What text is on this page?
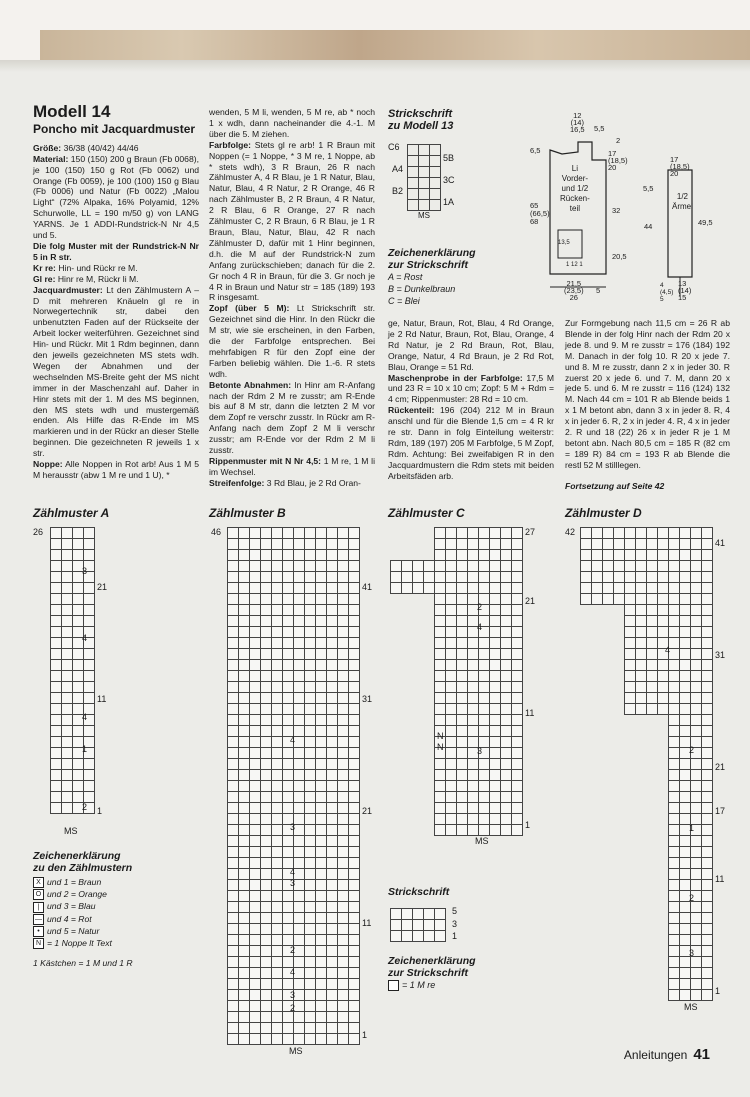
Modell 14
Poncho mit Jacquardmuster

Größe: 36/38 (40/42) 44/46

Material: 150 (150) 200 g Braun (Fb 0068), je 100 (150) 150 g Rot (Fb 0062) und Orange (Fb 0059), je 100 (100) 150 g Blau (Fb 0006) und Natur (Fb 0022) „Malou Light“ (72% Alpaka, 16% Polyamid, 12% Schurwolle, LL = 190 m/50 g) von LANG YARNS. Je 1 ADDI-Rundstrick-N Nr 4,5 und 5.

Die folg Muster mit der Rundstrick-N Nr 5 in R str.

Kr re: Hin- und Rückr re M.

Gl re: Hinr re M, Rückr li M.

Jacquardmuster: Lt den Zählmustern A – D mit mehreren Knäueln gl re in Norwegertechnik str, dabei den unbenutzten Faden auf der Rückseite der Arbeit locker weiterführen. Gezeichnet sind Hin- und Rückr. Mit 1 Rdm beginnen, dann den jeweils gezeichneten MS stets wdh. Wegen der Abnahmen und der wechselnden MS-Breite geht der MS nicht immer in der Maschenzahl auf. Daher in Hinr stets mit der 1. M des MS beginnen, den MS stets wdh und mustergemäß enden. Als Hilfe das R-Ende im MS markieren und in der Rückr an dieser Stelle beginnen. Die gezeichneten R jeweils 1 x str.

Noppe: Alle Noppen in Rot arb! Aus 1 M 5 M herausstr (abw 1 M re und 1 U), *

wenden, 5 M li, wenden, 5 M re, ab * noch 1 x wdh, dann nacheinander die 4.-1. M über die 5. M ziehen.

Farbfolge: Stets gl re arb! 1 R Braun mit Noppen (= 1 Noppe, * 3 M re, 1 Noppe, ab * stets wdh), 3 R Braun, 26 R nach Zählmuster A, 4 R Blau, je 1 R Natur, Blau, Natur, Blau, 4 R Natur, 2 R Orange, 46 R nach Zählmuster B, 2 R Braun, 4 R Natur, 2 R Blau, 6 R Orange, 27 R nach Zählmuster C, 2 R Braun, 6 R Blau, je 1 R Braun, Blau, Natur, Blau, 42 R nach Zählmuster D, dafür mit 1 Hinr beginnen, d.h. die M auf der Rundstrick-N zum Anfang zurückschieben; danach für die 2. Gr noch 4 R in Braun, für die 3. Gr noch je 4 R in Braun und Natur str = 185 (189) 193 R insgesamt.

Zopf (über 5 M): Lt Strickschrift str. Gezeichnet sind die Hinr. In den Rückr die M str, wie sie erscheinen, in den Farben, die der Farbfolge entsprechen. Bei mehrfabigen R für den Zopf eine der Farben beliebig wählen. Die 1.-6. R stets wdh.

Betonte Abnahmen: In Hinr am R-Anfang nach der Rdm 2 M re zusstr; am R-Ende bis auf 8 M str, dann die letzten 2 M vor dem Zopf re verschr zusstr. In Rückr am R-Anfang nach dem Zopf 2 M li verschr zusstr; am R-Ende vor der Rdm 2 M li zusstr.

Rippenmuster mit N Nr 4,5: 1 M re, 1 M li im Wechsel.

Streifenfolge: 3 Rd Blau, je 2 Rd Oran-

Strickschrift
zu Modell 13
C6
A4
B2
5B
3C
1A
MS
Zeichenerklärung
zur Strickschrift
A = Rost
B = Dunkelbraun
C = Blei
12
(14)
16,5 5,5
2
17
(18,5)
20
6,5
17
(18,5)
20
5,5
Li
Vorder-
und 1/2
Rücken-
teil
1/2
Ärmel
65
(66,5)
68
32
20,5
44	49,5
13,5
1 12 1
21,5
(23,5)
26
5
13
(14)
15
4
(4,5)
5

ge, Natur, Braun, Rot, Blau, 4 Rd Orange, je 2 Rd Natur, Braun, Rot, Blau, Orange, 4 Rd Natur, je 2 Rd Braun, Rot, Blau, Orange, Natur, 4 Rd Braun, je 2 Rd Rot, Blau, Orange = 51 Rd.

Maschenprobe in der Farbfolge: 17,5 M und 23 R = 10 x 10 cm; Zopf: 5 M + Rdm = 4 cm; Rippenmuster: 28 Rd = 10 cm.

Rückenteil: 196 (204) 212 M in Braun anschl und für die Blende 1,5 cm = 4 R kr re str. Dann in folg Einteilung weiterstr: Rdm, 189 (197) 205 M Farbfolge, 5 M Zopf, Rdm. Achtung: Bei zweifabigen R in den Jacquardmustern die Rdm stets mit beiden Arbeitsfäden arb.

Zur Formgebung nach 11,5 cm = 26 R ab Blende in der folg Hinr nach der Rdm 20 x jede 8. und 9. M re zusstr = 176 (184) 192 M. Danach in der folg 10. R 20 x jede 7. und 8. M re zusstr, dann 2 x in jeder 30. R zuerst 20 x jede 6. und 7. M, dann 20 x jede 5. und 6. M re zusstr = 116 (124) 132 M. Nach 44 cm = 101 R ab Blende beids 1 x 1 M betont abn, dann 3 x in jeder 8. R, 4 x in jeder 6. R, 2 x in jeder 4. R, 4 x in jeder 2. R und 18 (22) 26 x in jeder R je 1 M betont abn. Nach 80,5 cm = 185 R (82 cm = 189 R) 84 cm = 193 R ab Blende die restl 52 M stilllegen.

Fortsetzung auf Seite 42

Zählmuster A
26
21
11
1
3
4
4
1
2
MS
Zeichenerklärung
zu den Zählmustern
X und 1 = Braun
O und 2 = Orange
| und 3 = Blau
— und 4 = Rot
• und 5 = Natur
N = 1 Noppe lt Text
1 Kästchen = 1 M und 1 R
Zählmuster B
46
41
31
21
11
1
4
3
4
2
3
2
4
3
MS
Zählmuster C
27
21
11
1
2
4
3
N
N
MS
Strickschrift
5
3
1
Zeichenerklärung
zur Strickschrift
= 1 M re
Zählmuster D
42
41
31
21
17
11
1
4
2
1
2
3
MS
Anleitungen 41
